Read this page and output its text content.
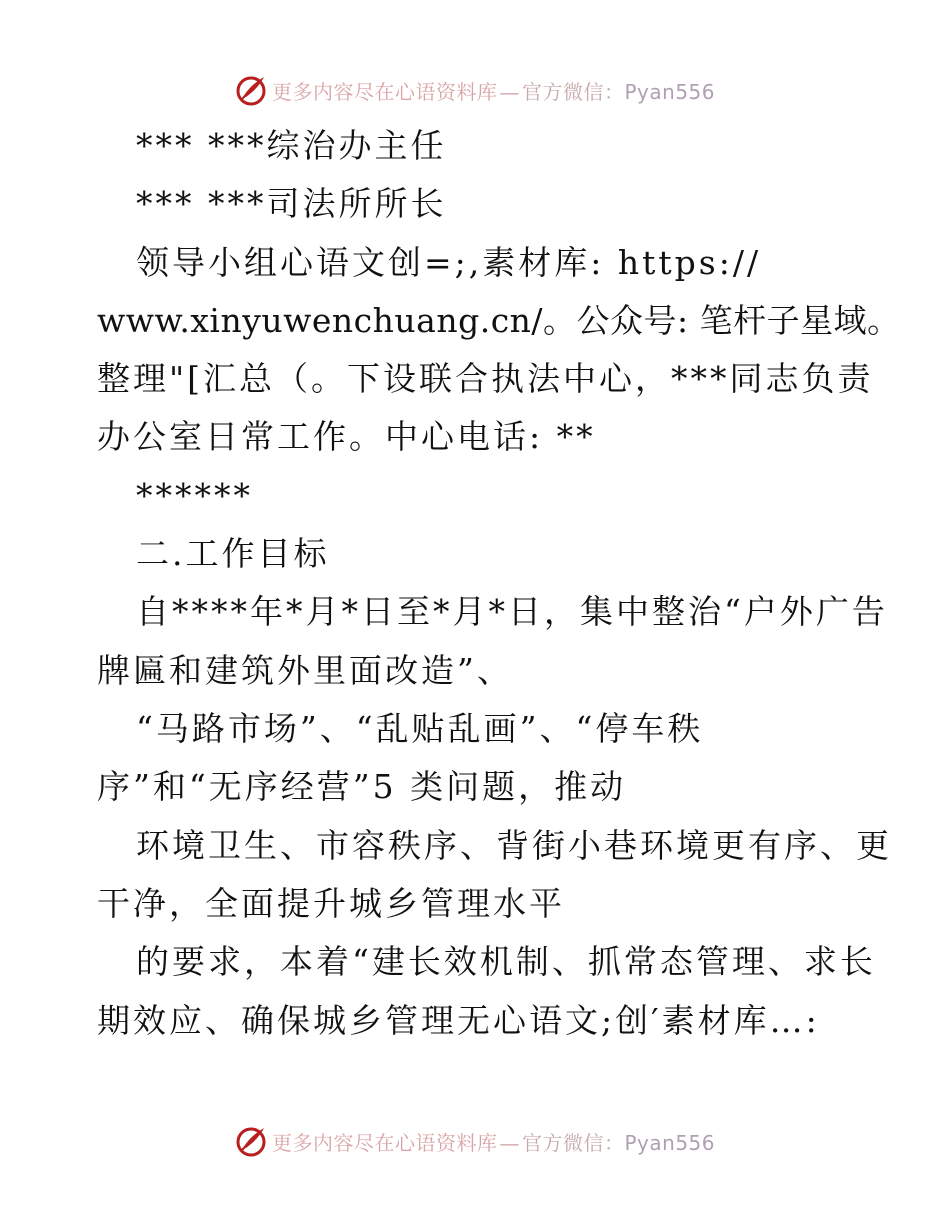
更多内容尽在心语资料库 — 官方微信：Pyan556
*** ***综治办主任
*** ***司法所所长
领导小组心语文创=;,素材库: https://
www.xinyuwenchuang.cn/。公众号: 笔杆子星域。
整理"[汇总（。下设联合执法中心，***同志负责
办公室日常工作。中心电话: **
******
二.工作目标
自****年*月*日至*月*日，集中整治“户外广告
牌匾和建筑外里面改造”、
“马路市场”、“乱贴乱画”、“停车秩
序”和“无序经营”5 类问题，推动
环境卫生、市容秩序、背街小巷环境更有序、更
干净，全面提升城乡管理水平
的要求，本着“建长效机制、抓常态管理、求长
期效应、确保城乡管理无心语文;创′素材库…:
更多内容尽在心语资料库 — 官方微信：Pyan556
